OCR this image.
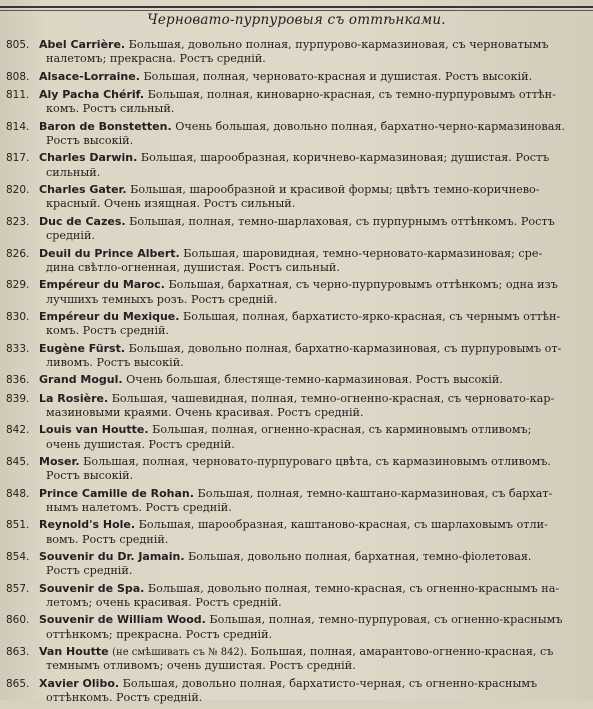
Черновато-пурпуровыя съ оттѣнками.
805. Abel Carrière. Большая, довольно полная, пурпурово-кармазиновая, съ черноватымъ
налетомъ; прекрасна. Ростъ средній.
808. Alsace-Lorraine. Большая, полная, черновато-красная и душистая. Ростъ высокій.
811. Aly Pacha Chérif. Большая, полная, киноварно-красная, съ темно-пурпуровымъ оттѣн-
комъ. Ростъ сильный.
814. Baron de Bonstetten. Очень большая, довольно полная, бархатно-черно-кармазиновая.
Ростъ высокій.
817. Charles Darwin. Большая, шарообразная, коричнево-кармазиновая; душистая. Ростъ
сильный.
820. Charles Gater. Большая, шарообразной и красивой формы; цвѣтъ темно-коричнево-
красный. Очень изящная. Ростъ сильный.
823. Duc de Cazes. Большая, полная, темно-шарлаховая, съ пурпурнымъ оттѣнкомъ. Ростъ
средній.
826. Deuil du Prince Albert. Большая, шаровидная, темно-черновато-кармазиновая; сре-
дина свѣтло-огненная, душистая. Ростъ сильный.
829. Empéreur du Maroc. Большая, бархатная, съ черно-пурпуровымъ оттѣнкомъ; одна изъ
лучшихъ темныхъ розъ. Ростъ средній.
830. Empéreur du Mexique. Большая, полная, бархатисто-ярко-красная, съ чернымъ оттѣн-
комъ. Ростъ средній.
833. Eugène Fürst. Большая, довольно полная, бархатно-кармазиновая, съ пурпуровымъ от-
ливомъ. Ростъ высокій.
836. Grand Mogul. Очень большая, блестяще-темно-кармазиновая. Ростъ высокій.
839. La Rosière. Большая, чашевидная, полная, темно-огненно-красная, съ черновато-кар-
мазиновыми краями. Очень красивая. Ростъ средній.
842. Louis van Houtte. Большая, полная, огненно-красная, съ карминовымъ отливомъ;
очень душистая. Ростъ средній.
845. Moser. Большая, полная, черновато-пурпуроваго цвѣта, съ кармазиновымъ отливомъ.
Ростъ высокій.
848. Prince Camille de Rohan. Большая, полная, темно-каштано-кармазиновая, съ бархат-
нымъ налетомъ. Ростъ средній.
851. Reynold's Hole. Большая, шарообразная, каштаново-красная, съ шарлаховымъ отли-
вомъ. Ростъ средній.
854. Souvenir du Dr. Jamain. Большая, довольно полная, бархатная, темно-фіолетовая.
Ростъ средній.
857. Souvenir de Spa. Большая, довольно полная, темно-красная, съ огненно-краснымъ на-
летомъ; очень красивая. Ростъ средній.
860. Souvenir de William Wood. Большая, полная, темно-пурпуровая, съ огненно-краснымъ
оттѣнкомъ; прекрасна. Ростъ средній.
863. Van Houtte (не смѣшивать съ № 842). Большая, полная, амарантово-огненно-красная, съ
темнымъ отливомъ; очень душистая. Ростъ средній.
865. Xavier Olibo. Большая, довольно полная, бархатисто-черная, съ огненно-краснымъ
оттѣнкомъ. Ростъ средній.
